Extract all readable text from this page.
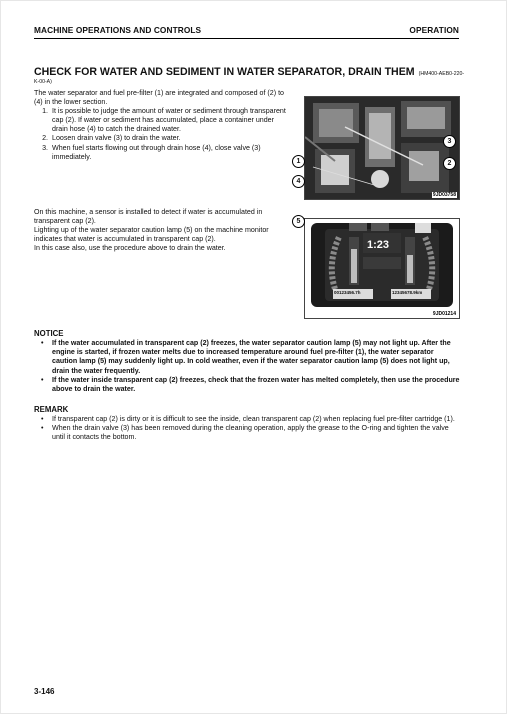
MACHINE OPERATIONS AND CONTROLS	OPERATION
CHECK FOR WATER AND SEDIMENT IN WATER SEPARATOR, DRAIN THEM (HM400-AEB0-220-
K-00-A)

The water separator and fuel pre-filter (1) are integrated and composed of (2) to (4) in the lower section.

1. It is possible to judge the amount of water or sediment through transparent cap (2). If water or sediment has accumulated, place a container under drain hose (4) to catch the drained water.
2. Loosen drain valve (3) to drain the water.
3. When fuel starts flowing out through drain hose (4), close valve (3) immediately.

On this machine, a sensor is installed to detect if water is accumulated in transparent cap (2).

Lighting up of the water separator caution lamp (5) on the machine monitor indicates that water is accumulated in transparent cap (2).

In this case also, use the procedure above to drain the water.

1
4
2
3
9JD03758
1:23
00123456.7h	12345678.9km
5
9JD01214
NOTICE
• If the water accumulated in transparent cap (2) freezes, the water separator caution lamp (5) may not light up. After the engine is started, if frozen water melts due to increased temperature around fuel pre-filter (1), the water separator caution lamp (5) may suddenly light up. In cold weather, even if the water separator caution lamp (5) does not light up, drain the water frequently.
• If the water inside transparent cap (2) freezes, check that the frozen water has melted completely, then use the procedure above to drain the water.
REMARK
• If transparent cap (2) is dirty or it is difficult to see the inside, clean transparent cap (2) when replacing fuel pre-filter cartridge (1).
• When the drain valve (3) has been removed during the cleaning operation, apply the grease to the O-ring and tighten the valve until it contacts the bottom.
3-146
